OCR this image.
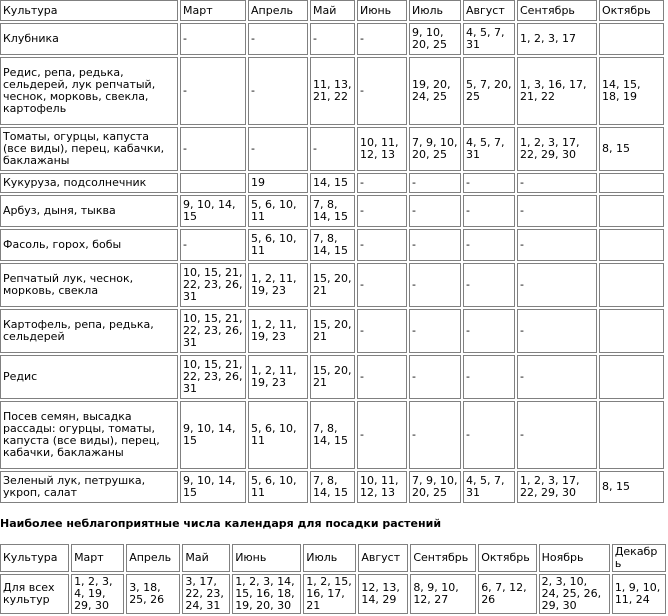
Культура	Март	Апрель	Май	Июнь	Июль	Август	Сентябрь	Октябрь
Клубника	-	-	-	-	9, 10, 20, 25	4, 5, 7, 31	1, 2, 3, 17	
Редис, репа, редька, сельдерей, лук репчатый, чеснок, морковь, свекла, картофель	-	-	11, 13, 21, 22	-	19, 20, 24, 25	5, 7, 20, 25	1, 3, 16, 17, 21, 22	14, 15, 18, 19
Томаты, огурцы, капуста (все виды), перец, кабачки, баклажаны	-	-	-	10, 11, 12, 13	7, 9, 10, 20, 25	4, 5, 7, 31	1, 2, 3, 17, 22, 29, 30	8, 15
Кукуруза, подсолнечник		19	14, 15	-	-	-	-	
Арбуз, дыня, тыква	9, 10, 14, 15	5, 6, 10, 11	7, 8, 14, 15	-	-	-	-	
Фасоль, горох, бобы	-	5, 6, 10, 11	7, 8, 14, 15	-	-	-	-	
Репчатый лук, чеснок, морковь, свекла	10, 15, 21, 22, 23, 26, 31	1, 2, 11, 19, 23	15, 20, 21	-	-	-	-	
Картофель, репа, редька, сельдерей	10, 15, 21, 22, 23, 26, 31	1, 2, 11, 19, 23	15, 20, 21	-	-	-	-	
Редис	10, 15, 21, 22, 23, 26, 31	1, 2, 11, 19, 23	15, 20, 21	-	-	-	-	
Посев семян, высадка рассады: огурцы, томаты, капуста (все виды), перец, кабачки, баклажаны	9, 10, 14, 15	5, 6, 10, 11	7, 8, 14, 15	-	-	-	-	
Зеленый лук, петрушка, укроп, салат	9, 10, 14, 15	5, 6, 10, 11	7, 8, 14, 15	10, 11, 12, 13	7, 9, 10, 20, 25	4, 5, 7, 31	1, 2, 3, 17, 22, 29, 30	8, 15
Наиболее неблагоприятные числа календаря для посадки растений
Культура	Март	Апрель	Май	Июнь	Июль	Август	Сентябрь	Октябрь	Ноябрь	Декабрь
Для всех культур	1, 2, 3, 4, 19, 29, 30	3, 18, 25, 26	3, 17, 22, 23, 24, 31	1, 2, 3, 14, 15, 16, 18, 19, 20, 30	1, 2, 15, 16, 17, 21	12, 13, 14, 29	8, 9, 10, 12, 27	6, 7, 12, 26	2, 3, 10, 24, 25, 26, 29, 30	1, 9, 10, 11, 24
